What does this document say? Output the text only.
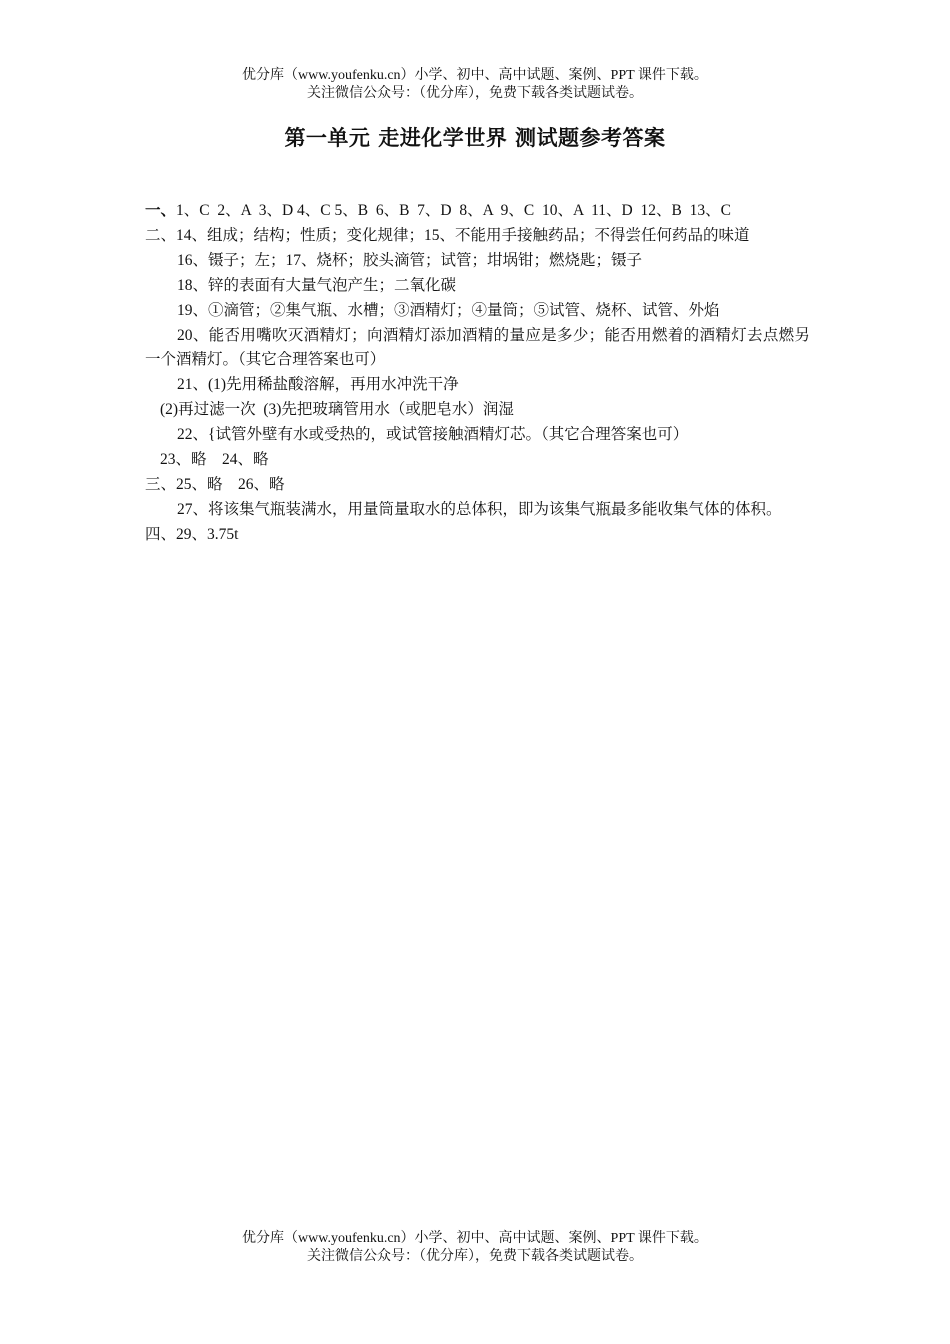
优分库（www.youfenku.cn）小学、初中、高中试题、案例、PPT 课件下载。
关注微信公众号：（优分库），免费下载各类试题试卷。
第一单元 走进化学世界 测试题参考答案
一、1、C  2、A  3、D 4、C 5、B  6、B  7、D  8、A  9、C  10、A  11、D  12、B  13、C
二、14、组成；结构；性质；变化规律；15、不能用手接触药品；不得尝任何药品的味道
16、镊子；左；17、烧杯；胶头滴管；试管；坩埚钳；燃烧匙；镊子
18、锌的表面有大量气泡产生；二氧化碳
19、①滴管；②集气瓶、水槽；③酒精灯；④量筒；⑤试管、烧杯、试管、外焰
20、能否用嘴吹灭酒精灯；向酒精灯添加酒精的量应是多少；能否用燃着的酒精灯去点燃另一个酒精灯。（其它合理答案也可）
21、(1)先用稀盐酸溶解，再用水冲洗干净
(2)再过滤一次  (3)先把玻璃管用水（或肥皂水）润湿
22、{试管外壁有水或受热的，或试管接触酒精灯芯。（其它合理答案也可）
23、略    24、略
三、25、略    26、略
27、将该集气瓶装满水，用量筒量取水的总体积，即为该集气瓶最多能收集气体的体积。
四、29、3.75t
优分库（www.youfenku.cn）小学、初中、高中试题、案例、PPT 课件下载。
关注微信公众号：（优分库），免费下载各类试题试卷。
